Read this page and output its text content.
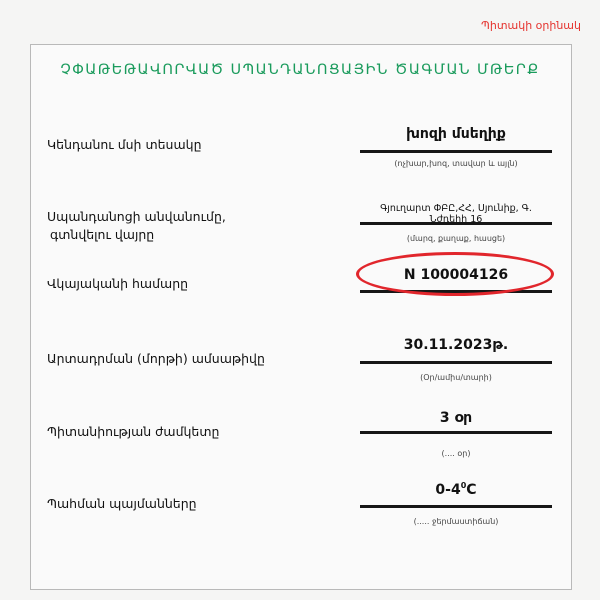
Պիտակի օրինակ
ՉՓԱԹԵԹԱՎՈՐՎԱԾ ՍՊԱՆԴԱՆՈՑԱՅԻՆ ԾԱԳՄԱՆ ՄԹԵՐՔ
Կենդանու մսի տեսակը
խոզի մսեղիք
(ոչխար,խոզ, տավար և այլն)
Սպանդանոցի անվանումը,
գտնվելու վայրը
Գյուղարտ ՓԲԸ,ՀՀ, Սյունիք, Գ. Նժդեհի 16
(մարզ, քաղաք, հասցե)
Վկայականի համարը
N 100004126
Արտադրման (մորթի) ամսաթիվը
30.11.2023թ.
(Օր/ամիս/տարի)
Պիտանիության ժամկետը
3 օր
(.... օր)
Պահման պայմանները
$0-4^0C$
(..... ջերմաստիճան)
